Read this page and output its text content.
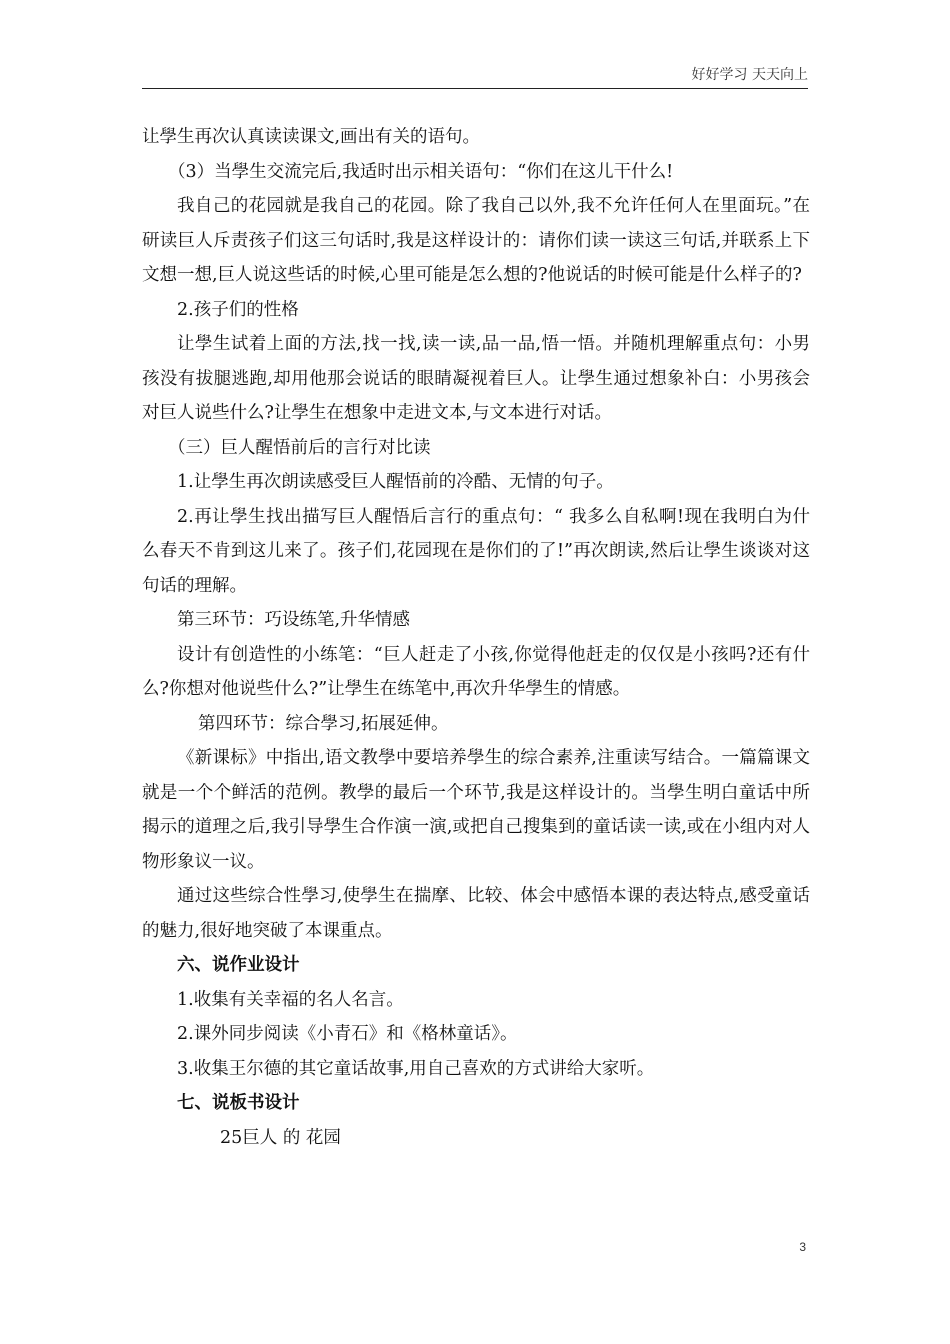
好好学习 天天向上

让學生再次认真读读课文,画出有关的语句。

（3）当學生交流完后,我适时出示相关语句：“你们在这儿干什么!

我自己的花园就是我自己的花园。除了我自己以外,我不允许任何人在里面玩。”在研读巨人斥责孩子们这三句话时,我是这样设计的：请你们读一读这三句话,并联系上下文想一想,巨人说这些话的时候,心里可能是怎么想的?他说话的时候可能是什么样子的?

2.孩子们的性格

让學生试着上面的方法,找一找,读一读,品一品,悟一悟。并随机理解重点句：小男孩没有拔腿逃跑,却用他那会说话的眼睛凝视着巨人。让學生通过想象补白：小男孩会对巨人说些什么?让學生在想象中走进文本,与文本进行对话。

（三）巨人醒悟前后的言行对比读

1.让學生再次朗读感受巨人醒悟前的冷酷、无情的句子。

2.再让學生找出描写巨人醒悟后言行的重点句：“ 我多么自私啊!现在我明白为什么春天不肯到这儿来了。孩子们,花园现在是你们的了!”再次朗读,然后让學生谈谈对这句话的理解。

第三环节：巧设练笔,升华情感

设计有创造性的小练笔：“巨人赶走了小孩,你觉得他赶走的仅仅是小孩吗?还有什么?你想对他说些什么?”让學生在练笔中,再次升华學生的情感。

第四环节：综合學习,拓展延伸。

《新课标》中指出,语文教學中要培养學生的综合素养,注重读写结合。一篇篇课文就是一个个鲜活的范例。教學的最后一个环节,我是这样设计的。当學生明白童话中所揭示的道理之后,我引导學生合作演一演,或把自己搜集到的童话读一读,或在小组内对人物形象议一议。

通过这些综合性學习,使學生在揣摩、比较、体会中感悟本课的表达特点,感受童话的魅力,很好地突破了本课重点。

六、说作业设计

1.收集有关幸福的名人名言。

2.课外同步阅读《小青石》和《格林童话》。

3.收集王尔德的其它童话故事,用自己喜欢的方式讲给大家听。

七、说板书设计

25巨人 的 花园

3
